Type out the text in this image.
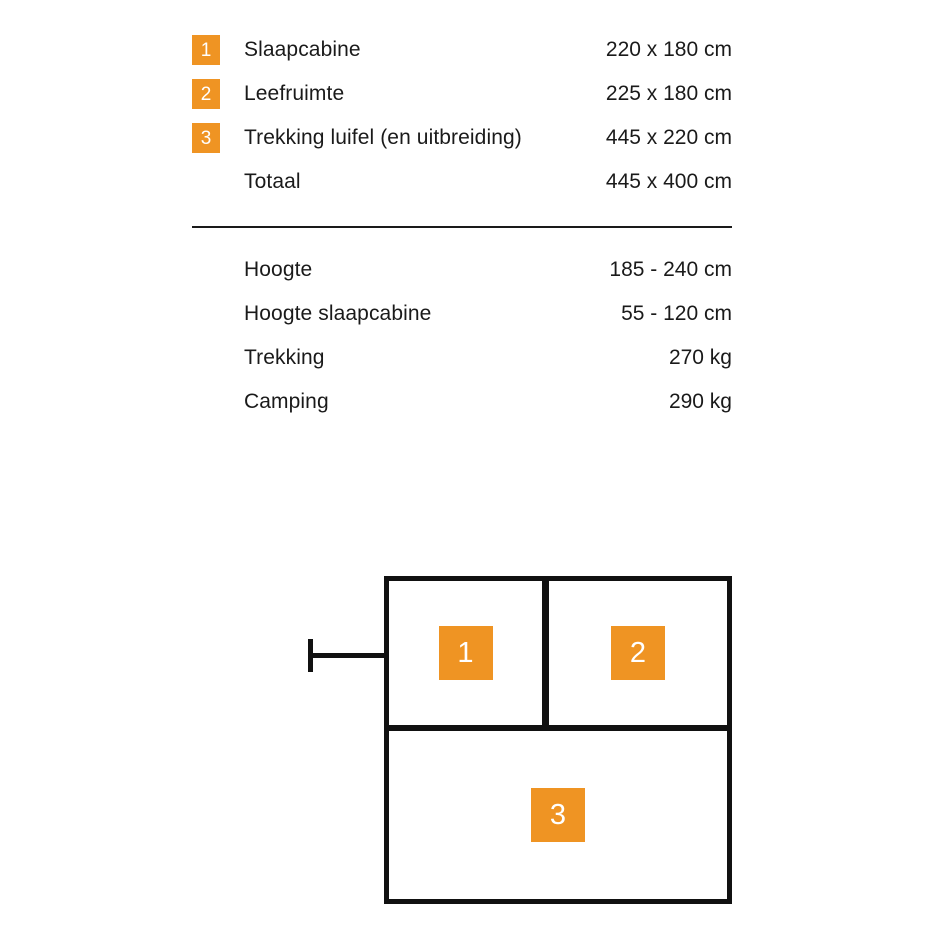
1	Slaapcabine	220 x 180 cm
2	Leefruimte	225 x 180 cm
3	Trekking luifel (en uitbreiding)	445 x 220 cm
Totaal	445 x 400 cm
Hoogte	185 - 240 cm
Hoogte slaapcabine	55 - 120 cm
Trekking	270 kg
Camping	290 kg
1	2
3
